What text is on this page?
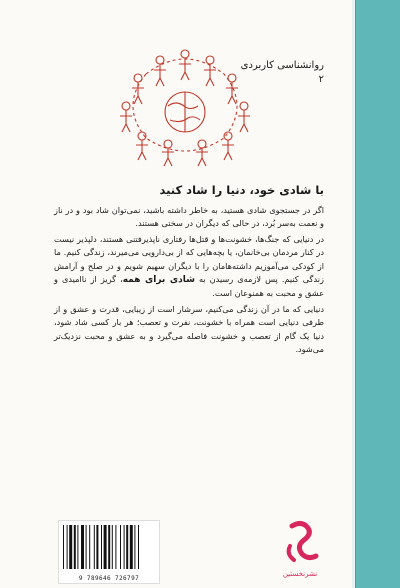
روانشناسی کاربردی
۲
با شادی خود، دنیا را شاد کنید

اگر در جستجوی شادی هستید، به خاطر داشته باشید، نمی‌توان شاد بود و در ناز و نعمت به‌سر بُرد، در حالی که دیگران در سختی هستند.

در دنیایی که جنگ‌ها، خشونت‌ها و قتل‌ها رفتاری ناپذیرفتنی هستند، دلپذیر نیست در کنار مردمان بی‌خانمان، یا بچه‌هایی که از بی‌دارویی می‌میرند، زندگی کنیم. ما از کودکی می‌آموزیم داشته‌هامان را با دیگران سهیم شویم و در صلح و آرامش زندگی کنیم. پس لازمه‌ی رسیدن به شادی برای همه، گریز از ناامیدی و عشق و محبت به همنوعان است.

دنیایی که ما در آن زندگی می‌کنیم، سرشار است از زیبایی، قدرت و عشق و از طرفی دنیایی است همراه با خشونت، نفرت و تعصب؛ هر بار کسی شاد شود، دنیا یک گام از تعصب و خشونت فاصله می‌گیرد و به عشق و محبت نزدیک‌تر می‌شود.

9 789646 726797
نشرنخستین
